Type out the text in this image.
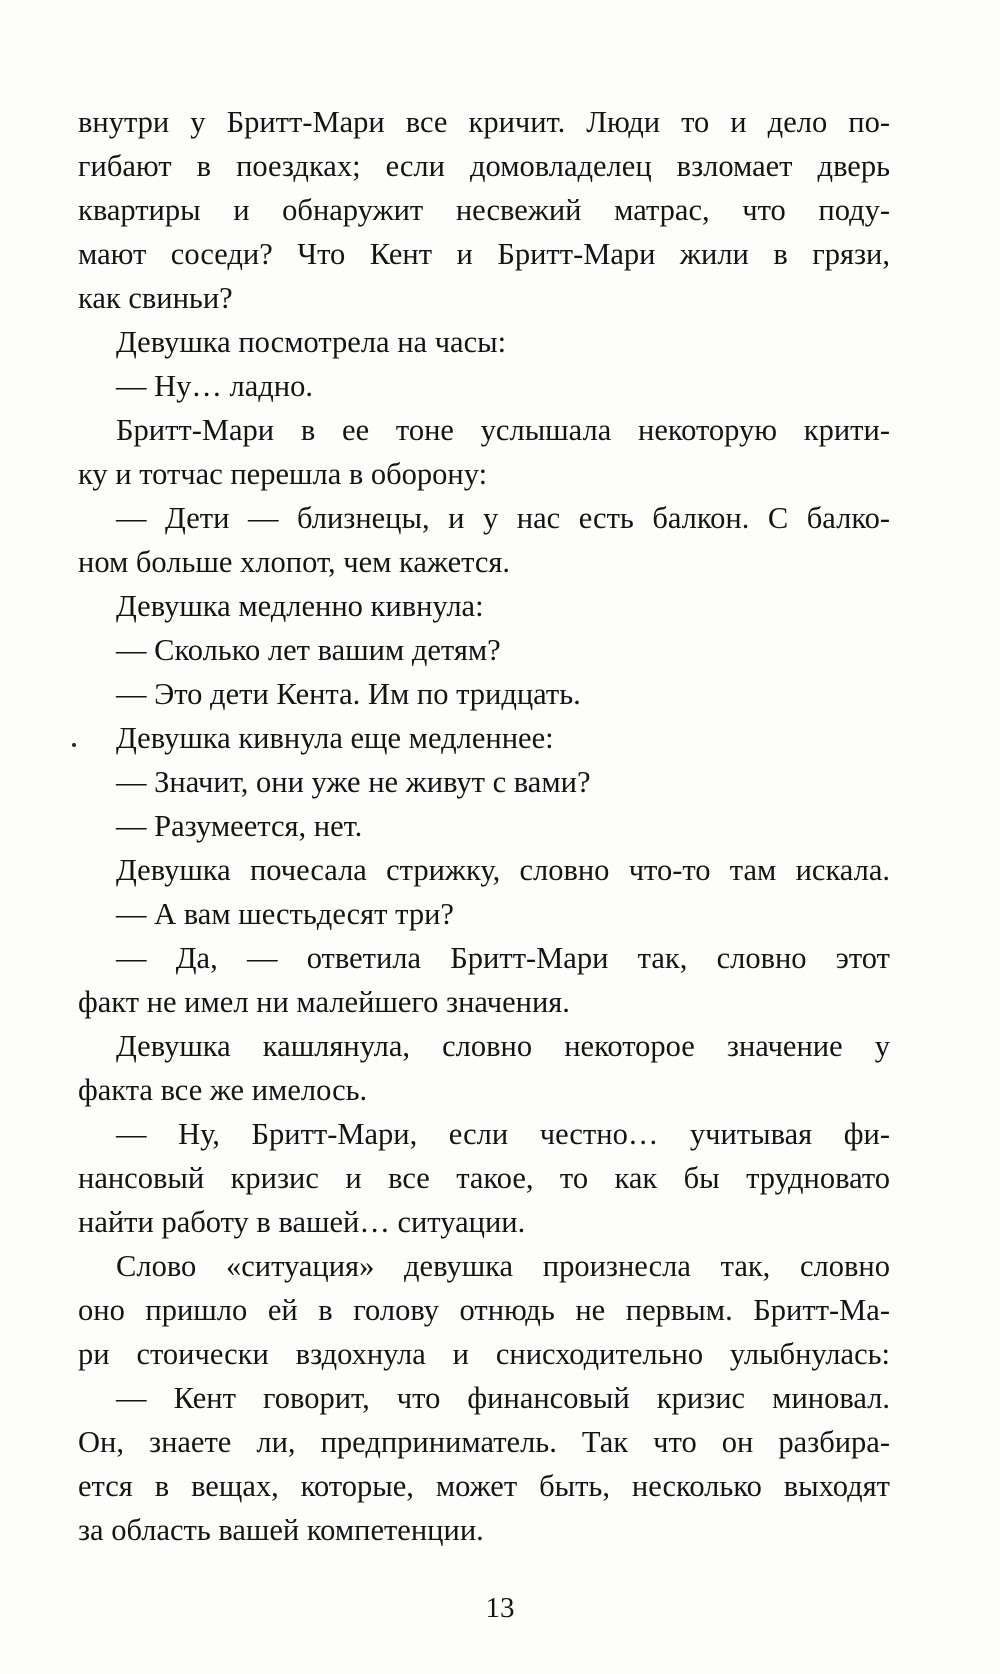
внутри у Бритт-Мари все кричит. Люди то и дело по-
гибают в поездках; если домовладелец взломает дверь
квартиры и обнаружит несвежий матрас, что поду-
мают соседи? Что Кент и Бритт-Мари жили в грязи,
как свиньи?
Девушка посмотрела на часы:
— Ну… ладно.
Бритт-Мари в ее тоне услышала некоторую крити-
ку и тотчас перешла в оборону:
— Дети — близнецы, и у нас есть балкон. С балко-
ном больше хлопот, чем кажется.
Девушка медленно кивнула:
— Сколько лет вашим детям?
— Это дети Кента. Им по тридцать.
Девушка кивнула еще медленнее:
— Значит, они уже не живут с вами?
— Разумеется, нет.
Девушка почесала стрижку, словно что-то там искала.
— А вам шестьдесят три?
— Да, — ответила Бритт-Мари так, словно этот
факт не имел ни малейшего значения.
Девушка кашлянула, словно некоторое значение у
факта все же имелось.
— Ну, Бритт-Мари, если честно… учитывая фи-
нансовый кризис и все такое, то как бы трудновато
найти работу в вашей… ситуации.
Слово «ситуация» девушка произнесла так, словно
оно пришло ей в голову отнюдь не первым. Бритт-Ма-
ри стоически вздохнула и снисходительно улыбнулась:
— Кент говорит, что финансовый кризис миновал.
Он, знаете ли, предприниматель. Так что он разбира-
ется в вещах, которые, может быть, несколько выходят
за область вашей компетенции.
13
